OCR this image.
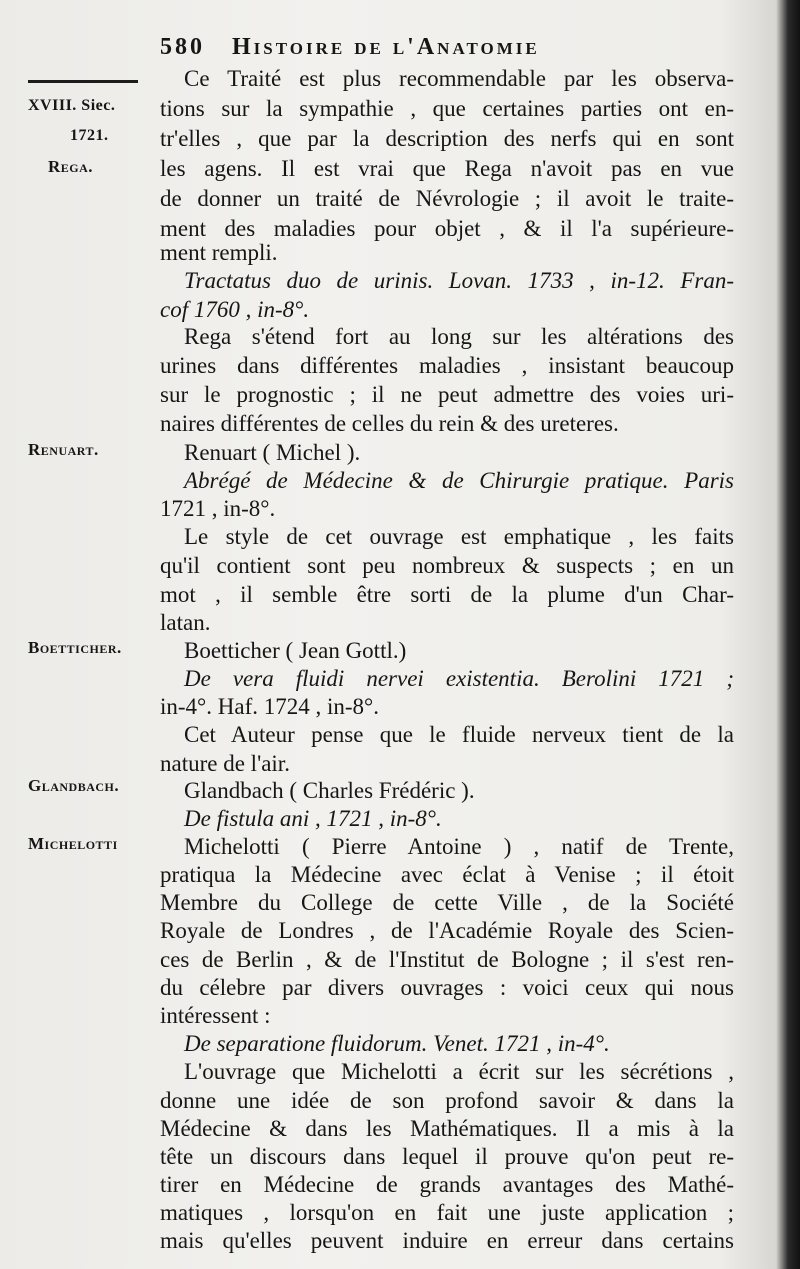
580 Histoire de l'Anatomie
XVIII. Siec.
1721.
Rega.
Renuart.
Boetticher.
Glandbach.
Michelotti
Ce Traité est plus recommendable par les observa-
tions sur la sympathie , que certaines parties ont en-
tr'elles , que par la description des nerfs qui en sont
les agens. Il est vrai que Rega n'avoit pas en vue
de donner un traité de Névrologie ; il avoit le traite-
ment des maladies pour objet , & il l'a supérieure-
ment rempli.
Tractatus duo de urinis. Lovan. 1733 , in-12. Fran-
cof 1760 , in-8°.
Rega s'étend fort au long sur les altérations des
urines dans différentes maladies , insistant beaucoup
sur le prognostic ; il ne peut admettre des voies uri-
naires différentes de celles du rein & des ureteres.
Renuart ( Michel ).
Abrégé de Médecine & de Chirurgie pratique. Paris
1721 , in-8°.
Le style de cet ouvrage est emphatique , les faits
qu'il contient sont peu nombreux & suspects ; en un
mot , il semble être sorti de la plume d'un Char-
latan.
Boetticher ( Jean Gottl.)
De vera fluidi nervei existentia. Berolini 1721 ;
in-4°. Haf. 1724 , in-8°.
Cet Auteur pense que le fluide nerveux tient de la
nature de l'air.
Glandbach ( Charles Frédéric ).
De fistula ani , 1721 , in-8°.
Michelotti ( Pierre Antoine ) , natif de Trente,
pratiqua la Médecine avec éclat à Venise ; il étoit
Membre du College de cette Ville , de la Société
Royale de Londres , de l'Académie Royale des Scien-
ces de Berlin , & de l'Institut de Bologne ; il s'est ren-
du célebre par divers ouvrages : voici ceux qui nous
intéressent :
De separatione fluidorum. Venet. 1721 , in-4°.
L'ouvrage que Michelotti a écrit sur les sécrétions ,
donne une idée de son profond savoir & dans la
Médecine & dans les Mathématiques. Il a mis à la
tête un discours dans lequel il prouve qu'on peut re-
tirer en Médecine de grands avantages des Mathé-
matiques , lorsqu'on en fait une juste application ;
mais qu'elles peuvent induire en erreur dans certains
